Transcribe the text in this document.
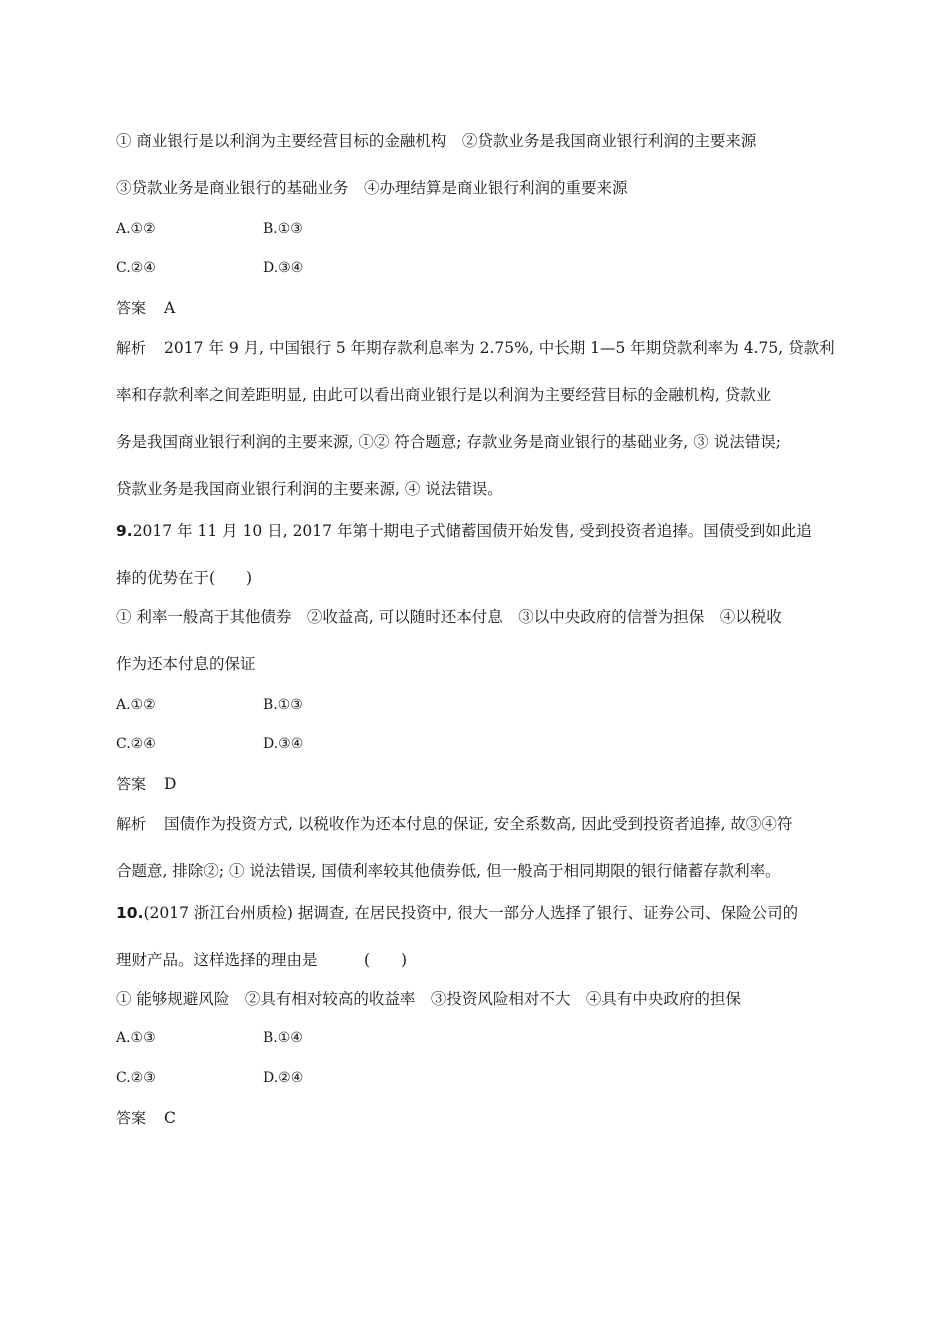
① 商业银行是以利润为主要经营目标的金融机构　②贷款业务是我国商业银行利润的主要来源
③贷款业务是商业银行的基础业务　④办理结算是商业银行利润的重要来源
A.①②	B.①③
C.②④	D.③④
答案 A
解析 2017 年 9 月, 中国银行 5 年期存款利息率为 2.75%, 中长期 1—5 年期贷款利率为 4.75, 贷款利
率和存款利率之间差距明显, 由此可以看出商业银行是以利润为主要经营目标的金融机构, 贷款业
务是我国商业银行利润的主要来源, ①② 符合题意; 存款业务是商业银行的基础业务, ③ 说法错误;
贷款业务是我国商业银行利润的主要来源, ④ 说法错误。
9.2017 年 11 月 10 日, 2017 年第十期电子式储蓄国债开始发售, 受到投资者追捧。国债受到如此追
捧的优势在于(　　)
① 利率一般高于其他债券　②收益高, 可以随时还本付息　③以中央政府的信誉为担保　④以税收
作为还本付息的保证
A.①②	B.①③
C.②④	D.③④
答案 D
解析 国债作为投资方式, 以税收作为还本付息的保证, 安全系数高, 因此受到投资者追捧, 故③④符
合题意, 排除②; ① 说法错误, 国债利率较其他债券低, 但一般高于相同期限的银行储蓄存款利率。
10.(2017 浙江台州质检) 据调查, 在居民投资中, 很大一部分人选择了银行、证券公司、保险公司的
理财产品。这样选择的理由是　　　(　　)
① 能够规避风险　②具有相对较高的收益率　③投资风险相对不大　④具有中央政府的担保
A.①③	B.①④
C.②③	D.②④
答案 C
